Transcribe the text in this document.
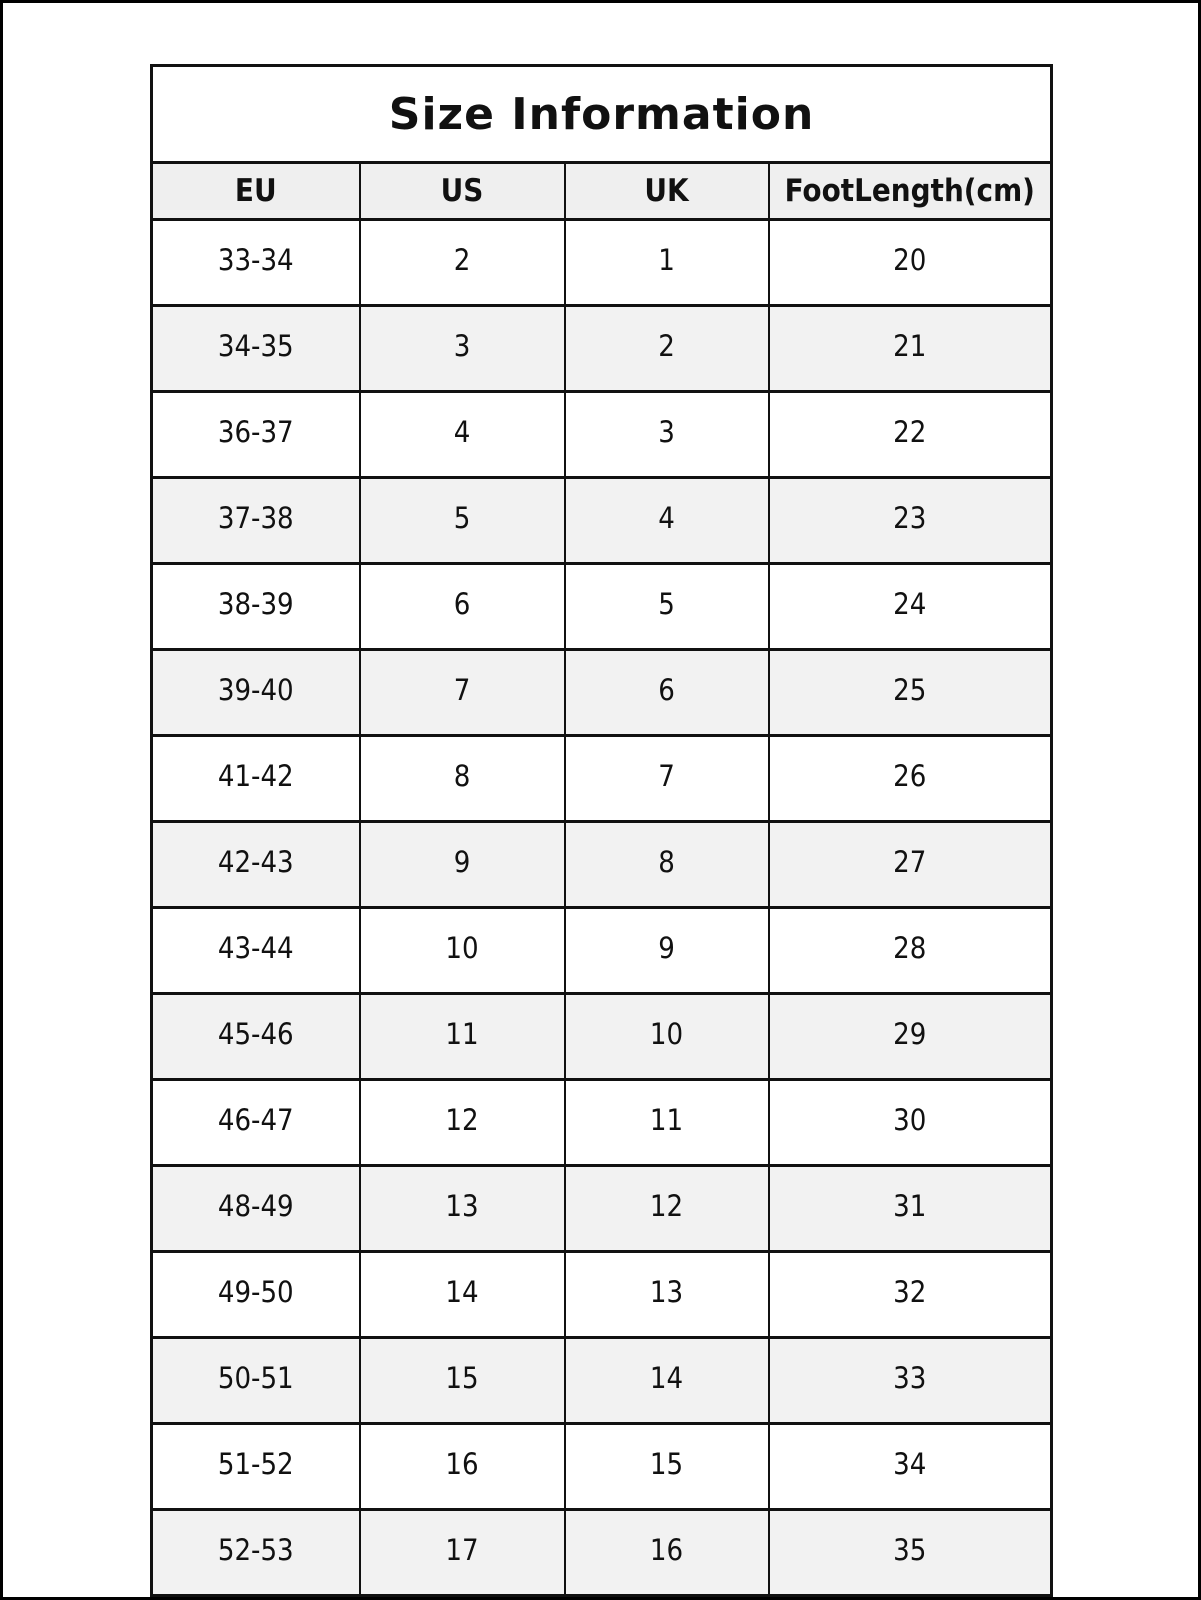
Size Information			
EU	US	UK	FootLength(cm)
33-34	2	1	20
34-35	3	2	21
36-37	4	3	22
37-38	5	4	23
38-39	6	5	24
39-40	7	6	25
41-42	8	7	26
42-43	9	8	27
43-44	10	9	28
45-46	11	10	29
46-47	12	11	30
48-49	13	12	31
49-50	14	13	32
50-51	15	14	33
51-52	16	15	34
52-53	17	16	35
